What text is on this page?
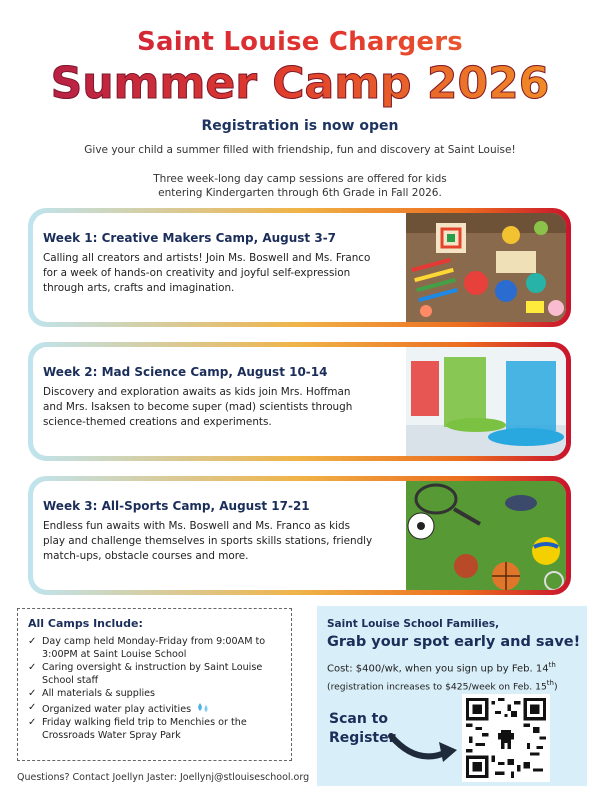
Saint Louise Chargers
Summer Camp 2026
Registration is now open
Give your child a summer filled with friendship, fun and discovery at Saint Louise!
Three week-long day camp sessions are offered for kids entering Kindergarten through 6th Grade in Fall 2026.
Week 1: Creative Makers Camp, August 3-7
Calling all creators and artists! Join Ms. Boswell and Ms. Franco for a week of hands-on creativity and joyful self-expression through arts, crafts and imagination.
Week 2: Mad Science Camp, August 10-14
Discovery and exploration awaits as kids join Mrs. Hoffman and Mrs. Isaksen to become super (mad) scientists through science-themed creations and experiments.
Week 3: All-Sports Camp, August 17-21
Endless fun awaits with Ms. Boswell and Ms. Franco as kids play and challenge themselves in sports skills stations, friendly match-ups, obstacle courses and more.
All Camps Include:
✓ Day camp held Monday-Friday from 9:00AM to 3:00PM at Saint Louise School
✓ Caring oversight & instruction by Saint Louise School staff
✓ All materials & supplies
✓ Organized water play activities
✓ Friday walking field trip to Menchies or the Crossroads Water Spray Park
Questions? Contact Joellyn Jaster: Joellynj@stlouiseschool.org
Saint Louise School Families,
Grab your spot early and save!
Cost: $400/wk, when you sign up by Feb. 14th
(registration increases to $425/week on Feb. 15th)
Scan to Register
